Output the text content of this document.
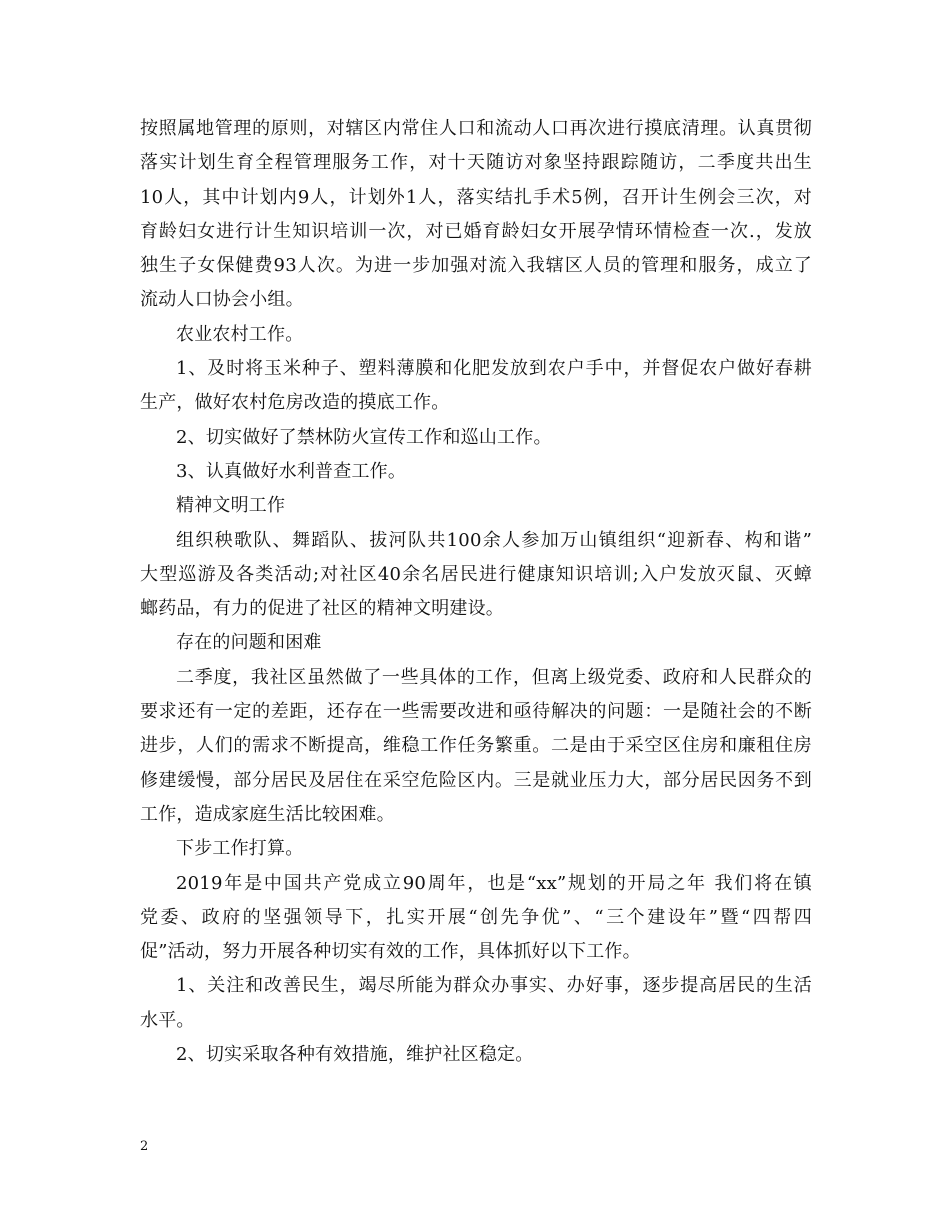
按照属地管理的原则，对辖区内常住人口和流动人口再次进行摸底清理。认真贯彻
落实计划生育全程管理服务工作，对十天随访对象坚持跟踪随访，二季度共出生
10人，其中计划内9人，计划外1人，落实结扎手术5例，召开计生例会三次，对
育龄妇女进行计生知识培训一次，对已婚育龄妇女开展孕情环情检查一次.，发放
独生子女保健费93人次。为进一步加强对流入我辖区人员的管理和服务，成立了
流动人口协会小组。
农业农村工作。
1、及时将玉米种子、塑料薄膜和化肥发放到农户手中，并督促农户做好春耕
生产，做好农村危房改造的摸底工作。
2、切实做好了禁林防火宣传工作和巡山工作。
3、认真做好水利普查工作。
精神文明工作
组织秧歌队、舞蹈队、拔河队共100余人参加万山镇组织“迎新春、构和谐”
大型巡游及各类活动;对社区40余名居民进行健康知识培训;入户发放灭鼠、灭蟑
螂药品，有力的促进了社区的精神文明建设。
存在的问题和困难
二季度，我社区虽然做了一些具体的工作，但离上级党委、政府和人民群众的
要求还有一定的差距，还存在一些需要改进和亟待解决的问题：一是随社会的不断
进步，人们的需求不断提高，维稳工作任务繁重。二是由于采空区住房和廉租住房
修建缓慢，部分居民及居住在采空危险区内。三是就业压力大，部分居民因务不到
工作，造成家庭生活比较困难。
下步工作打算。
2019年是中国共产党成立90周年，也是“xx”规划的开局之年 我们将在镇
党委、政府的坚强领导下，扎实开展“创先争优”、“三个建设年”暨“四帮四
促”活动，努力开展各种切实有效的工作，具体抓好以下工作。
1、关注和改善民生，竭尽所能为群众办事实、办好事，逐步提高居民的生活
水平。
2、切实采取各种有效措施，维护社区稳定。
2
